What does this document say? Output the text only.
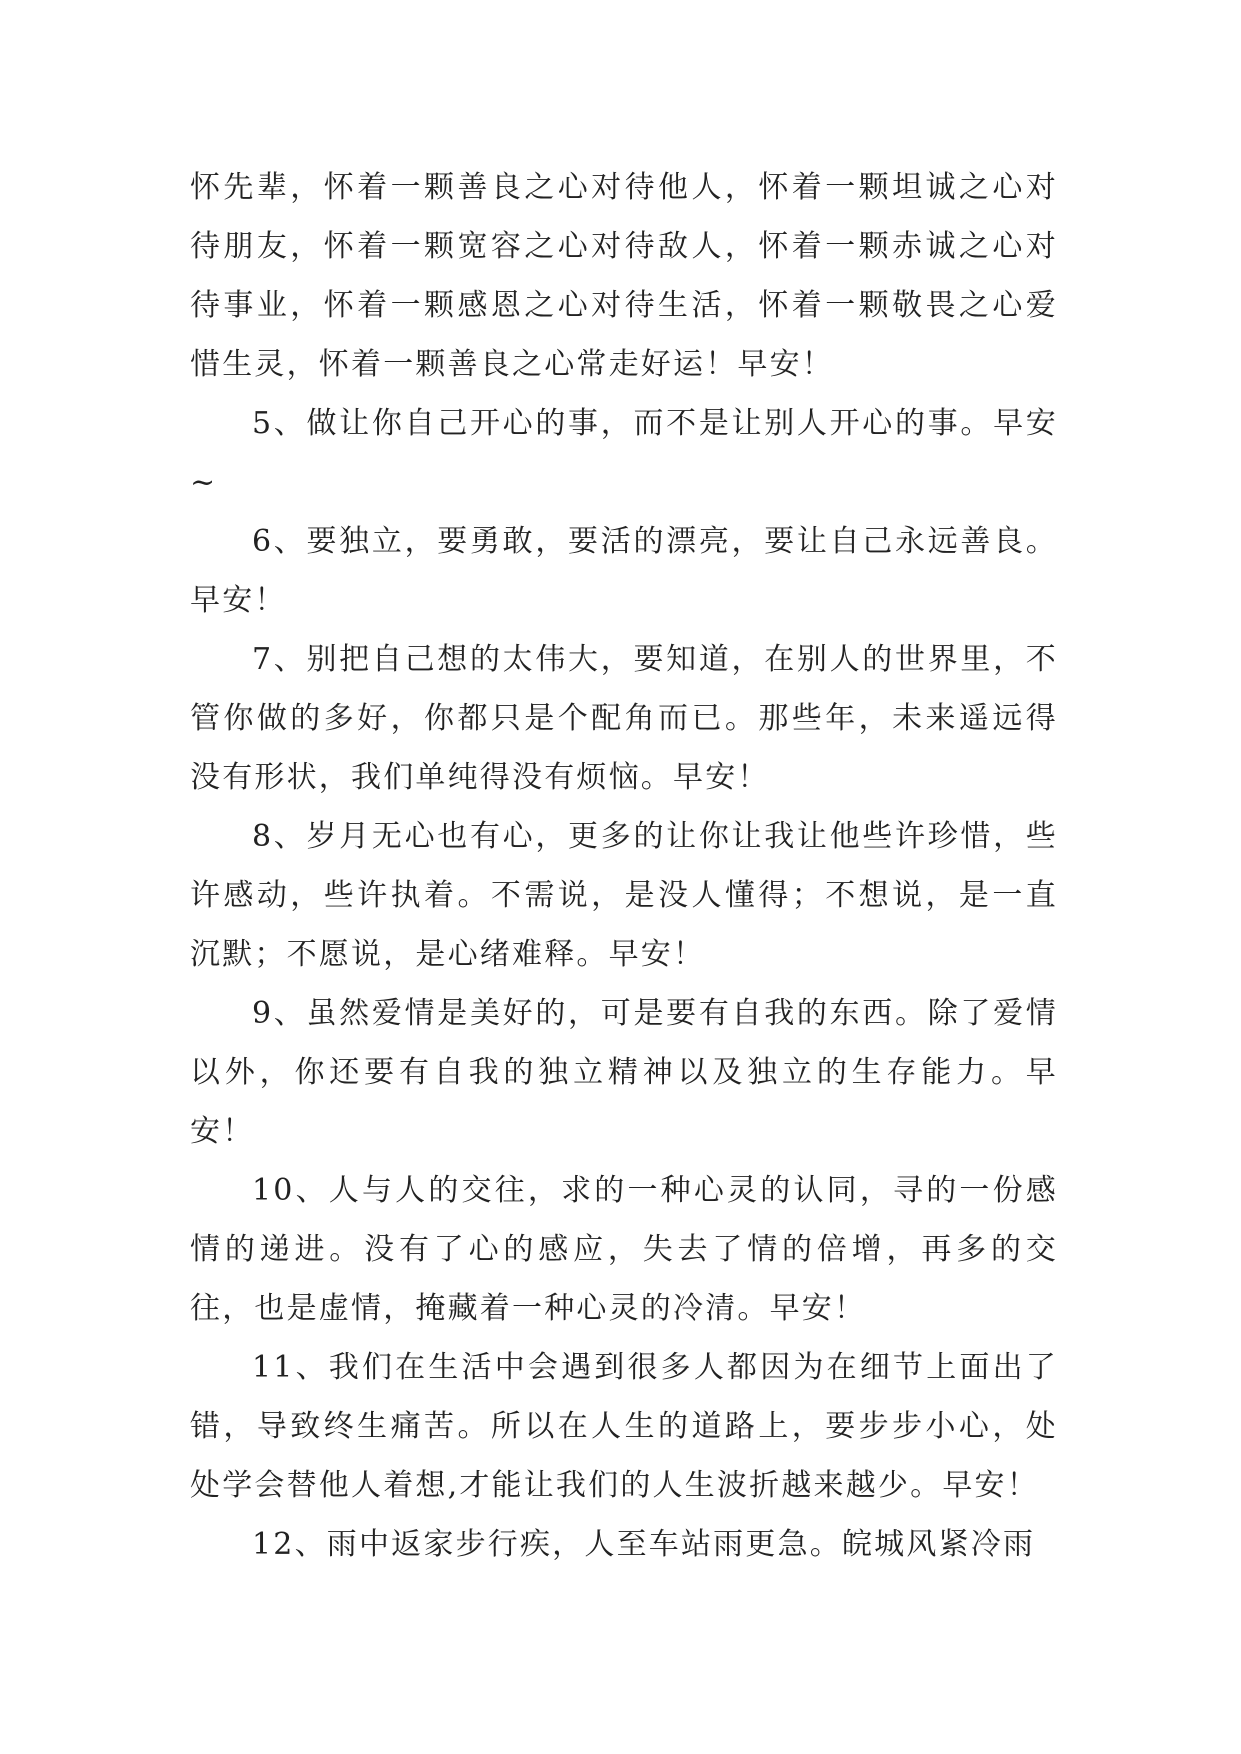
怀先辈，怀着一颗善良之心对待他人，怀着一颗坦诚之心对待朋友，怀着一颗宽容之心对待敌人，怀着一颗赤诚之心对待事业，怀着一颗感恩之心对待生活，怀着一颗敬畏之心爱惜生灵，怀着一颗善良之心常走好运！早安！

5、做让你自己开心的事，而不是让别人开心的事。早安~

6、要独立，要勇敢，要活的漂亮，要让自己永远善良。早安！

7、别把自己想的太伟大，要知道，在别人的世界里，不管你做的多好，你都只是个配角而已。那些年，未来遥远得没有形状，我们单纯得没有烦恼。早安！

8、岁月无心也有心，更多的让你让我让他些许珍惜，些许感动，些许执着。不需说，是没人懂得；不想说，是一直沉默；不愿说，是心绪难释。早安！

9、虽然爱情是美好的，可是要有自我的东西。除了爱情以外，你还要有自我的独立精神以及独立的生存能力。早安！

10、人与人的交往，求的一种心灵的认同，寻的一份感情的递进。没有了心的感应，失去了情的倍增，再多的交往，也是虚情，掩藏着一种心灵的冷清。早安！

11、我们在生活中会遇到很多人都因为在细节上面出了错，导致终生痛苦。所以在人生的道路上，要步步小心，处处学会替他人着想,才能让我们的人生波折越来越少。早安！

12、雨中返家步行疾，人至车站雨更急。皖城风紧冷雨
